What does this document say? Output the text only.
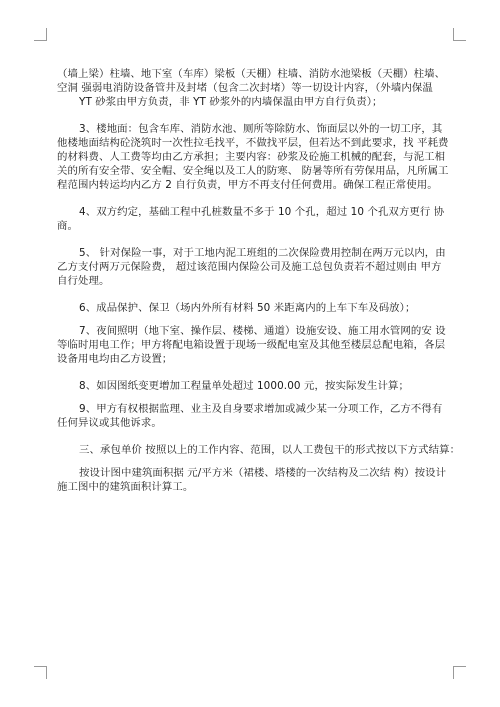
（墙上梁）柱墙、地下室（车库）梁板（天棚）柱墙、消防水池梁板（天棚）柱墙、
空洞 强弱电消防设备管井及封堵（包含二次封堵）等一切设计内容，（外墙内保温
YT 砂浆由甲方负责，非 YT 砂浆外的内墙保温由甲方自行负责）；
3、楼地面：包含车库、消防水池、厕所等除防水、饰面层以外的一切工序，其
他楼地面结构砼浇筑时一次性拉毛找平，不做找平层，但若达不到此要求，找 平耗费
的材料费、人工费等均由乙方承担；主要内容：砂浆及砼施工机械的配套，与泥工相
关的所有安全带、安全帽、安全绳以及工人的防寒、 防暑等所有劳保用品，凡所属工
程范围内转运均内乙方 2 自行负责，甲方不再支付任何费用。确保工程正常使用。
4、双方约定，基础工程中孔桩数量不多于 10 个孔，超过 10 个孔双方更行 协
商。
5、 针对保险一事，对于工地内泥工班组的二次保险费用控制在两万元以内，由
乙方支付两万元保险费， 超过该范围内保险公司及施工总包负责若不超过则由 甲方
自行处理。
6、成品保护、保卫（场内外所有材料 50 米距离内的上车下车及码放）；
7、夜间照明（地下室、操作层、楼梯、通道）设施安设、施工用水管网的安 设
等临时用电工作；甲方将配电箱设置于现场一级配电室及其他至楼层总配电箱，各层
设备用电均由乙方设置；
8、如因图纸变更增加工程量单处超过 1000.00 元，按实际发生计算；
9、甲方有权根据监理、业主及自身要求增加或减少某一分项工作，乙方不得有
任何异议或其他诉求。
三、承包单价 按照以上的工作内容、范围，以人工费包干的形式按以下方式结算：
按设计图中建筑面积据 元/平方米（裙楼、塔楼的一次结构及二次结 构）按设计
施工图中的建筑面积计算工。
